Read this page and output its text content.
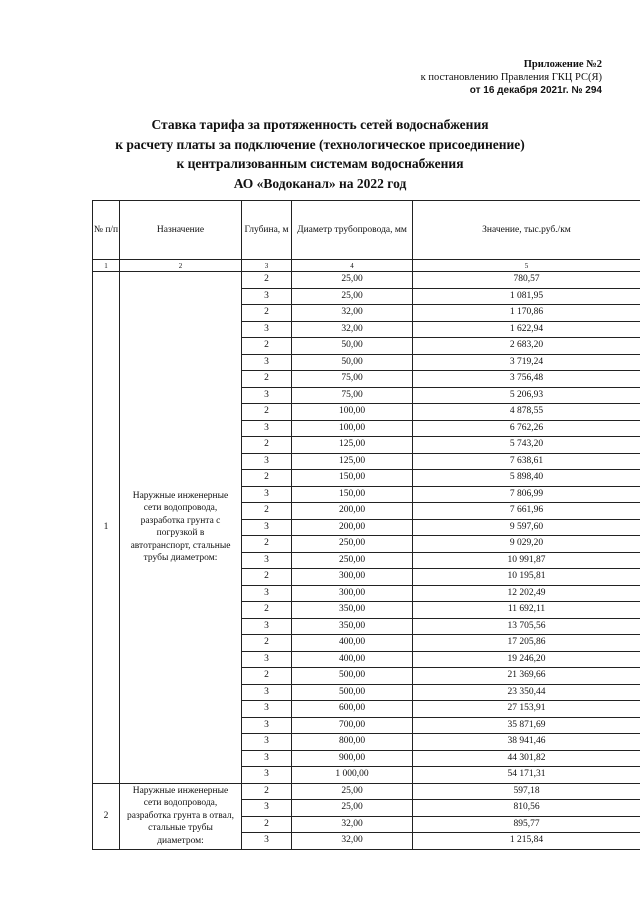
Приложение №2
к постановлению Правления ГКЦ РС(Я)
от 16 декабря 2021г. № 294
Ставка тарифа за протяженность сетей водоснабжения
к расчету платы за подключение (технологическое присоединение)
к централизованным системам водоснабжения
АО «Водоканал» на 2022 год
№ п/п	Назначение	Глубина, м	Диаметр трубопровода, мм	Значение, тыс.руб./км
1	2	3	4	5
1	Наружные инженерные сети водопровода, разработка грунта с погрузкой в автотранспорт, стальные трубы диаметром:	2	25,00	780,57
		3	25,00	1 081,95
		2	32,00	1 170,86
		3	32,00	1 622,94
		2	50,00	2 683,20
		3	50,00	3 719,24
		2	75,00	3 756,48
		3	75,00	5 206,93
		2	100,00	4 878,55
		3	100,00	6 762,26
		2	125,00	5 743,20
		3	125,00	7 638,61
		2	150,00	5 898,40
		3	150,00	7 806,99
		2	200,00	7 661,96
		3	200,00	9 597,60
		2	250,00	9 029,20
		3	250,00	10 991,87
		2	300,00	10 195,81
		3	300,00	12 202,49
		2	350,00	11 692,11
		3	350,00	13 705,56
		2	400,00	17 205,86
		3	400,00	19 246,20
		2	500,00	21 369,66
		3	500,00	23 350,44
		3	600,00	27 153,91
		3	700,00	35 871,69
		3	800,00	38 941,46
		3	900,00	44 301,82
		3	1 000,00	54 171,31
2	Наружные инженерные сети водопровода, разработка грунта в отвал, стальные трубы диаметром:	2	25,00	597,18
		3	25,00	810,56
		2	32,00	895,77
		3	32,00	1 215,84
